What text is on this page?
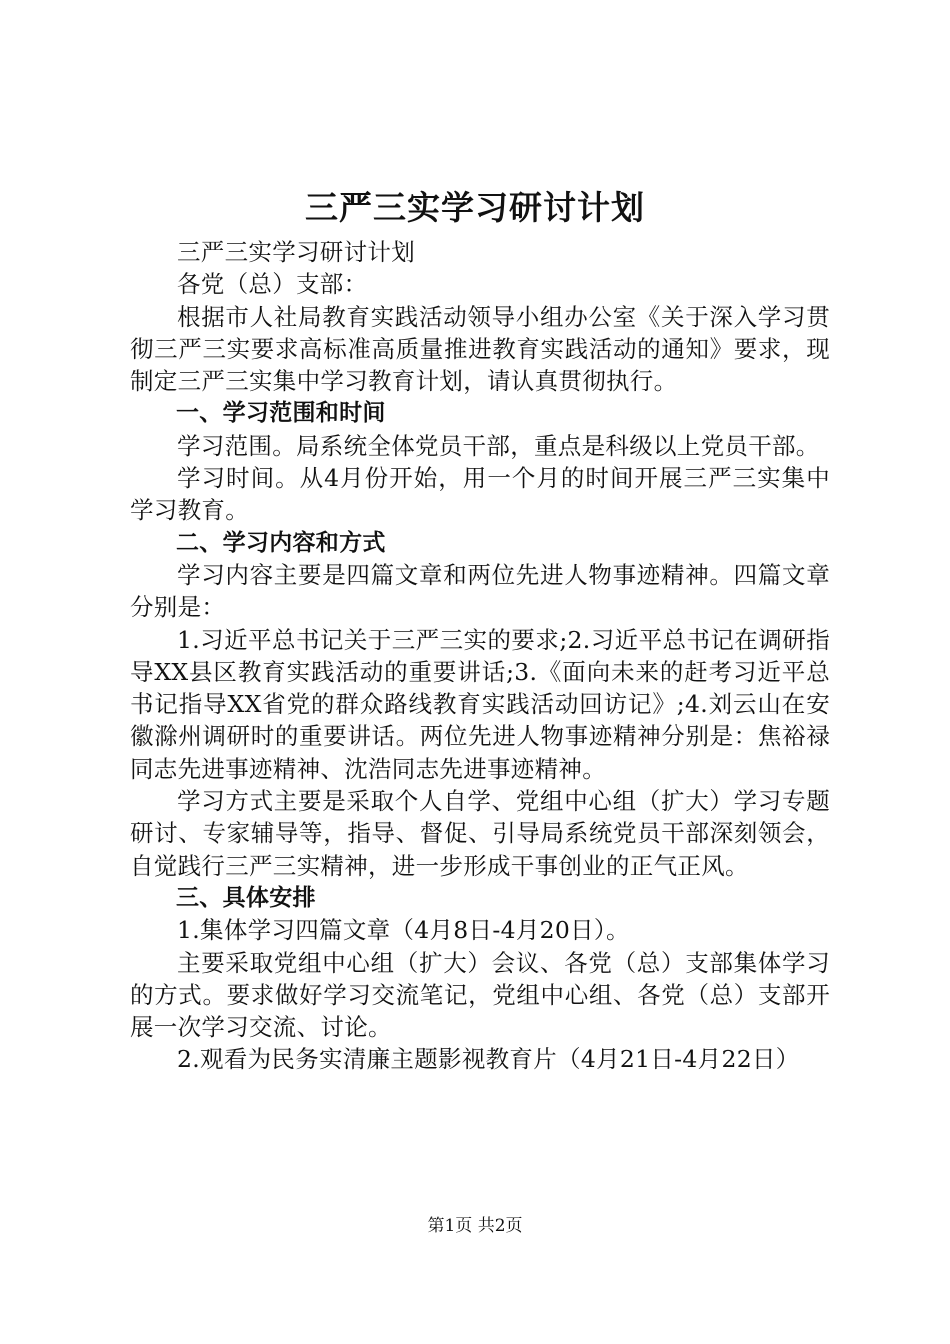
三严三实学习研讨计划

三严三实学习研讨计划

各党（总）支部：

根据市人社局教育实践活动领导小组办公室《关于深入学习贯彻三严三实要求高标准高质量推进教育实践活动的通知》要求，现制定三严三实集中学习教育计划，请认真贯彻执行。

一、学习范围和时间

学习范围。局系统全体党员干部，重点是科级以上党员干部。

学习时间。从4月份开始，用一个月的时间开展三严三实集中学习教育。

二、学习内容和方式

学习内容主要是四篇文章和两位先进人物事迹精神。四篇文章分别是：

1.习近平总书记关于三严三实的要求;2.习近平总书记在调研指导XX县区教育实践活动的重要讲话;3.《面向未来的赶考习近平总书记指导XX省党的群众路线教育实践活动回访记》;4.刘云山在安徽滁州调研时的重要讲话。两位先进人物事迹精神分别是：焦裕禄同志先进事迹精神、沈浩同志先进事迹精神。

学习方式主要是采取个人自学、党组中心组（扩大）学习专题研讨、专家辅导等，指导、督促、引导局系统党员干部深刻领会，自觉践行三严三实精神，进一步形成干事创业的正气正风。

三、具体安排

1.集体学习四篇文章（4月8日-4月20日）。

主要采取党组中心组（扩大）会议、各党（总）支部集体学习的方式。要求做好学习交流笔记，党组中心组、各党（总）支部开展一次学习交流、讨论。

2.观看为民务实清廉主题影视教育片（4月21日-4月22日）

第1页 共2页
